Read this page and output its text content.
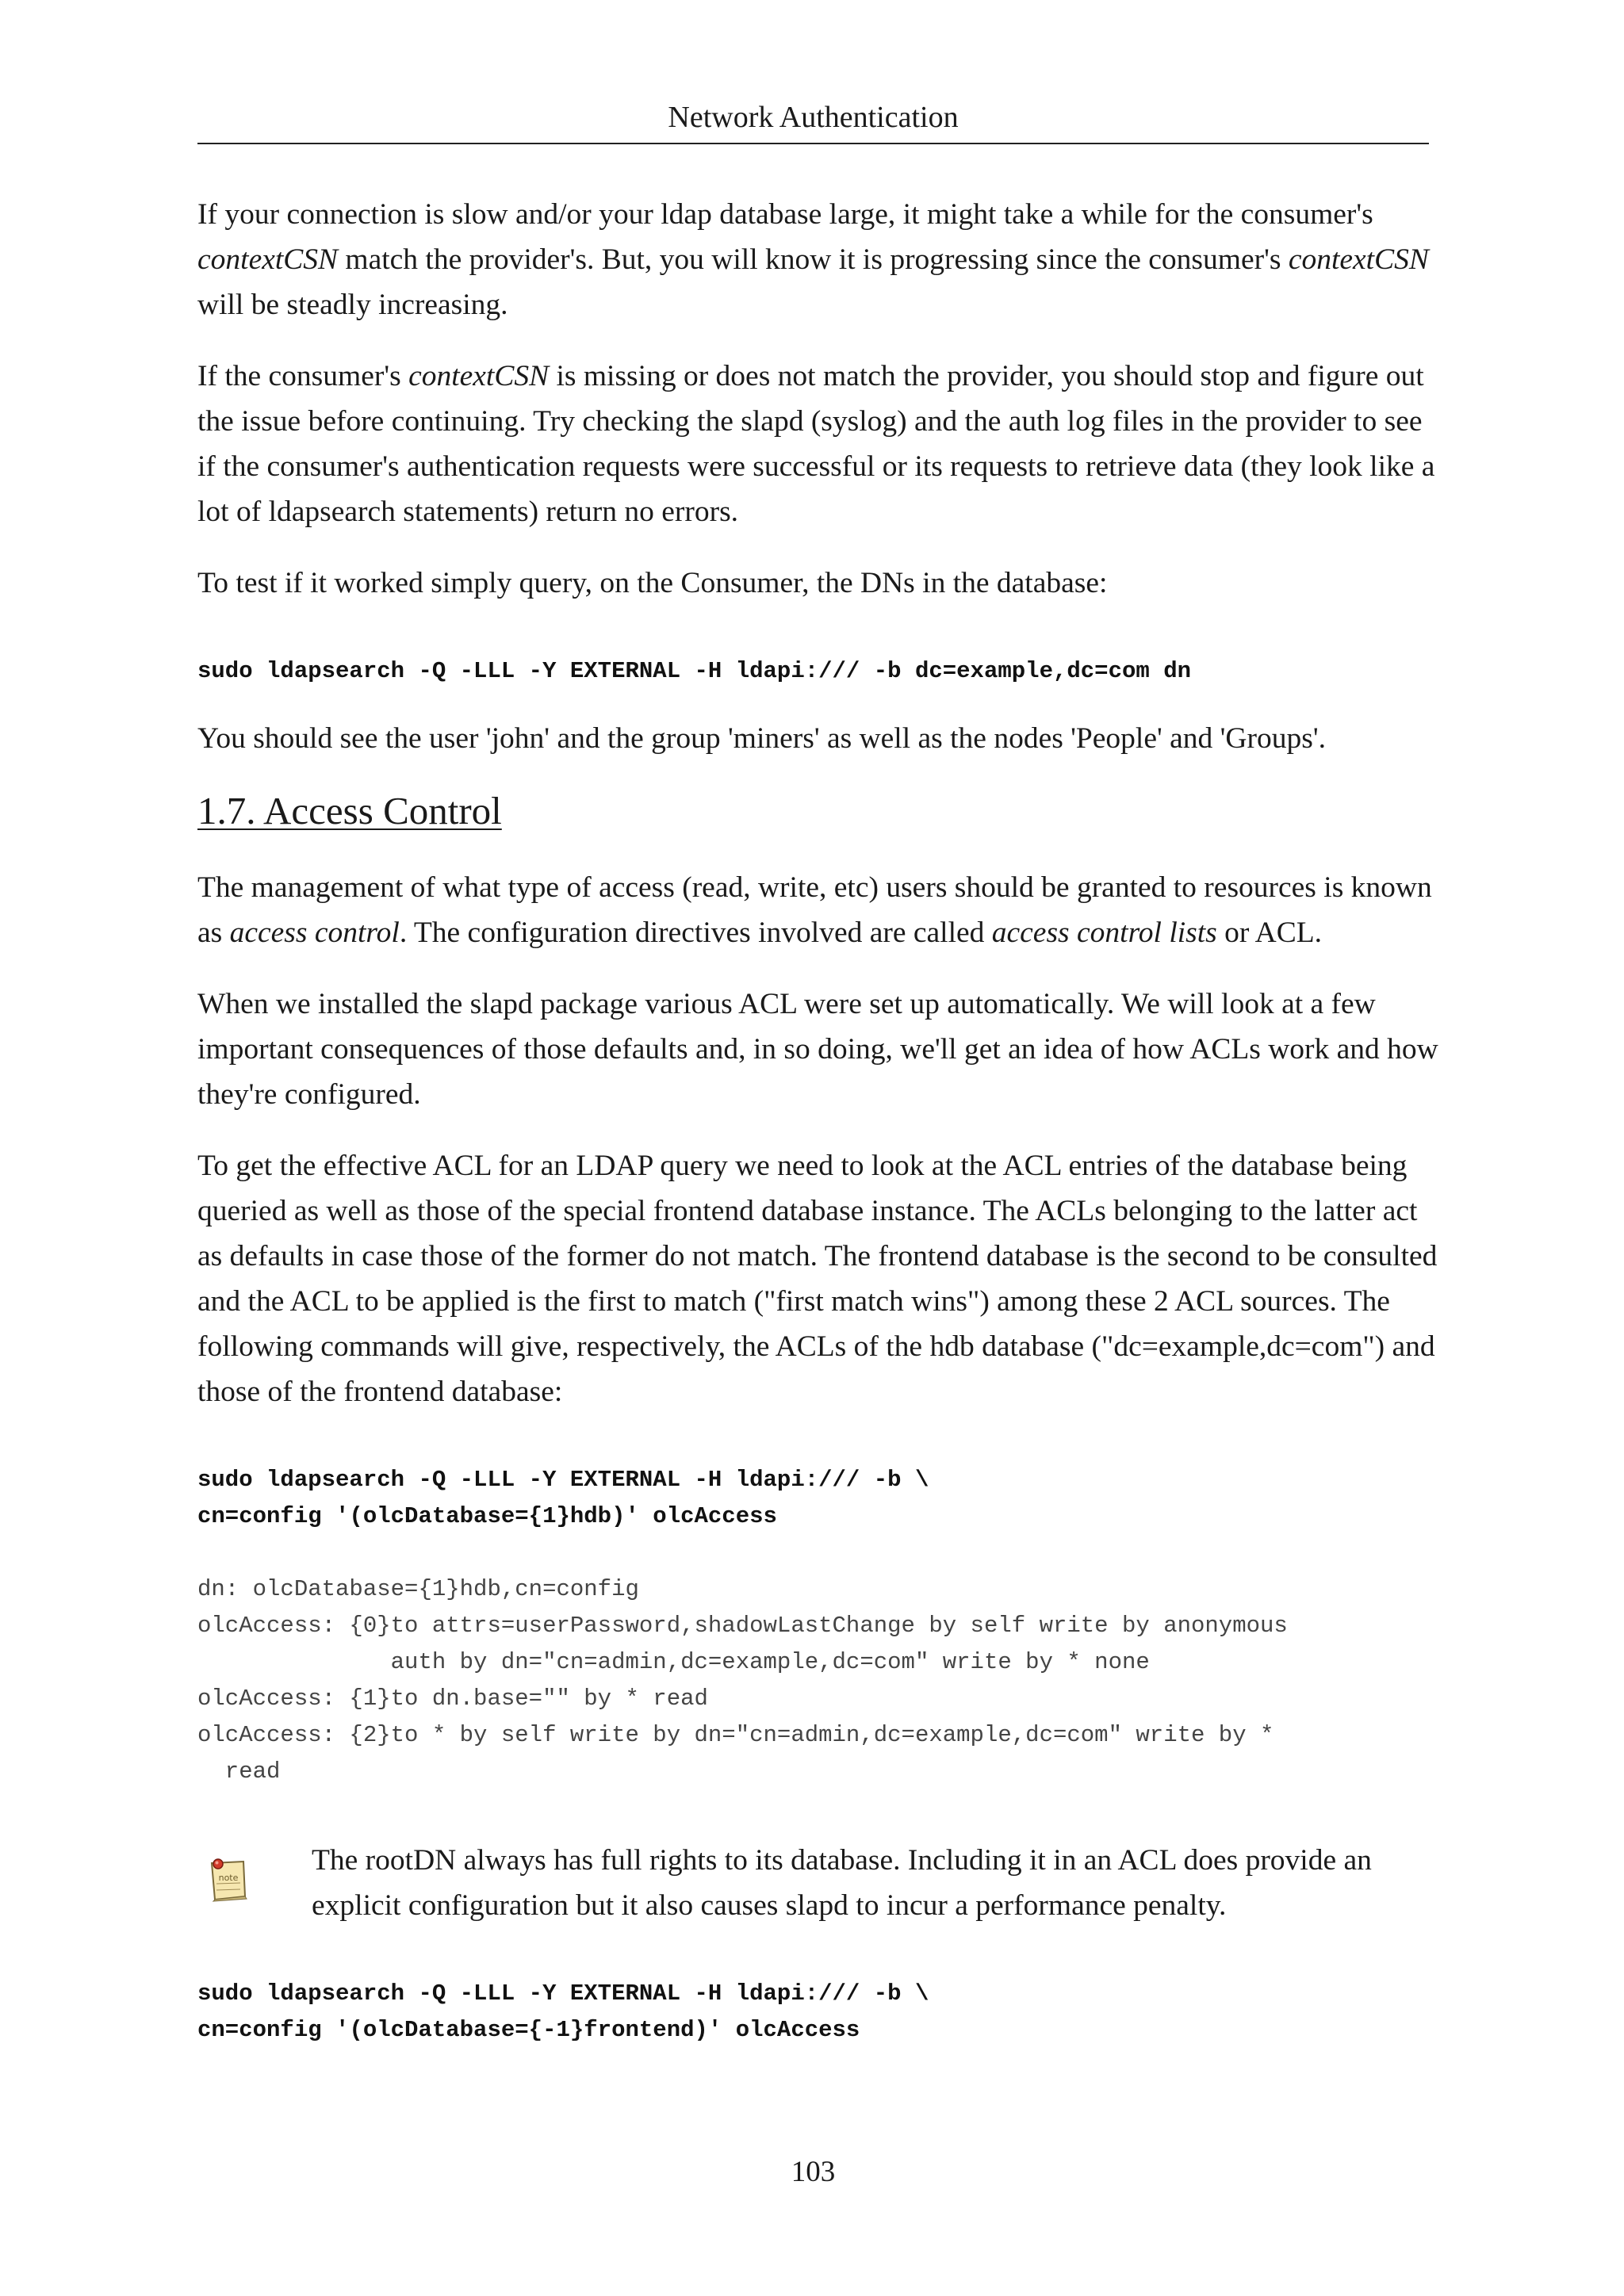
Network Authentication

If your connection is slow and/or your ldap database large, it might take a while for the consumer's contextCSN match the provider's. But, you will know it is progressing since the consumer's contextCSN will be steadly increasing.

If the consumer's contextCSN is missing or does not match the provider, you should stop and figure out the issue before continuing. Try checking the slapd (syslog) and the auth log files in the provider to see if the consumer's authentication requests were successful or its requests to retrieve data (they look like a lot of ldapsearch statements) return no errors.

To test if it worked simply query, on the Consumer, the DNs in the database:

sudo ldapsearch -Q -LLL -Y EXTERNAL -H ldapi:/// -b dc=example,dc=com dn

You should see the user 'john' and the group 'miners' as well as the nodes 'People' and 'Groups'.

1.7. Access Control

The management of what type of access (read, write, etc) users should be granted to resources is known as access control. The configuration directives involved are called access control lists or ACL.

When we installed the slapd package various ACL were set up automatically. We will look at a few important consequences of those defaults and, in so doing, we'll get an idea of how ACLs work and how they're configured.

To get the effective ACL for an LDAP query we need to look at the ACL entries of the database being queried as well as those of the special frontend database instance. The ACLs belonging to the latter act as defaults in case those of the former do not match. The frontend database is the second to be consulted and the ACL to be applied is the first to match ("first match wins") among these 2 ACL sources. The following commands will give, respectively, the ACLs of the hdb database ("dc=example,dc=com") and those of the frontend database:

sudo ldapsearch -Q -LLL -Y EXTERNAL -H ldapi:/// -b \
cn=config '(olcDatabase={1}hdb)' olcAccess
dn: olcDatabase={1}hdb,cn=config
olcAccess: {0}to attrs=userPassword,shadowLastChange by self write by anonymous
auth by dn="cn=admin,dc=example,dc=com" write by * none
olcAccess: {1}to dn.base="" by * read
olcAccess: {2}to * by self write by dn="cn=admin,dc=example,dc=com" write by *
read
note
The rootDN always has full rights to its database. Including it in an ACL does provide an explicit configuration but it also causes slapd to incur a performance penalty.
sudo ldapsearch -Q -LLL -Y EXTERNAL -H ldapi:/// -b \
cn=config '(olcDatabase={-1}frontend)' olcAccess
103
